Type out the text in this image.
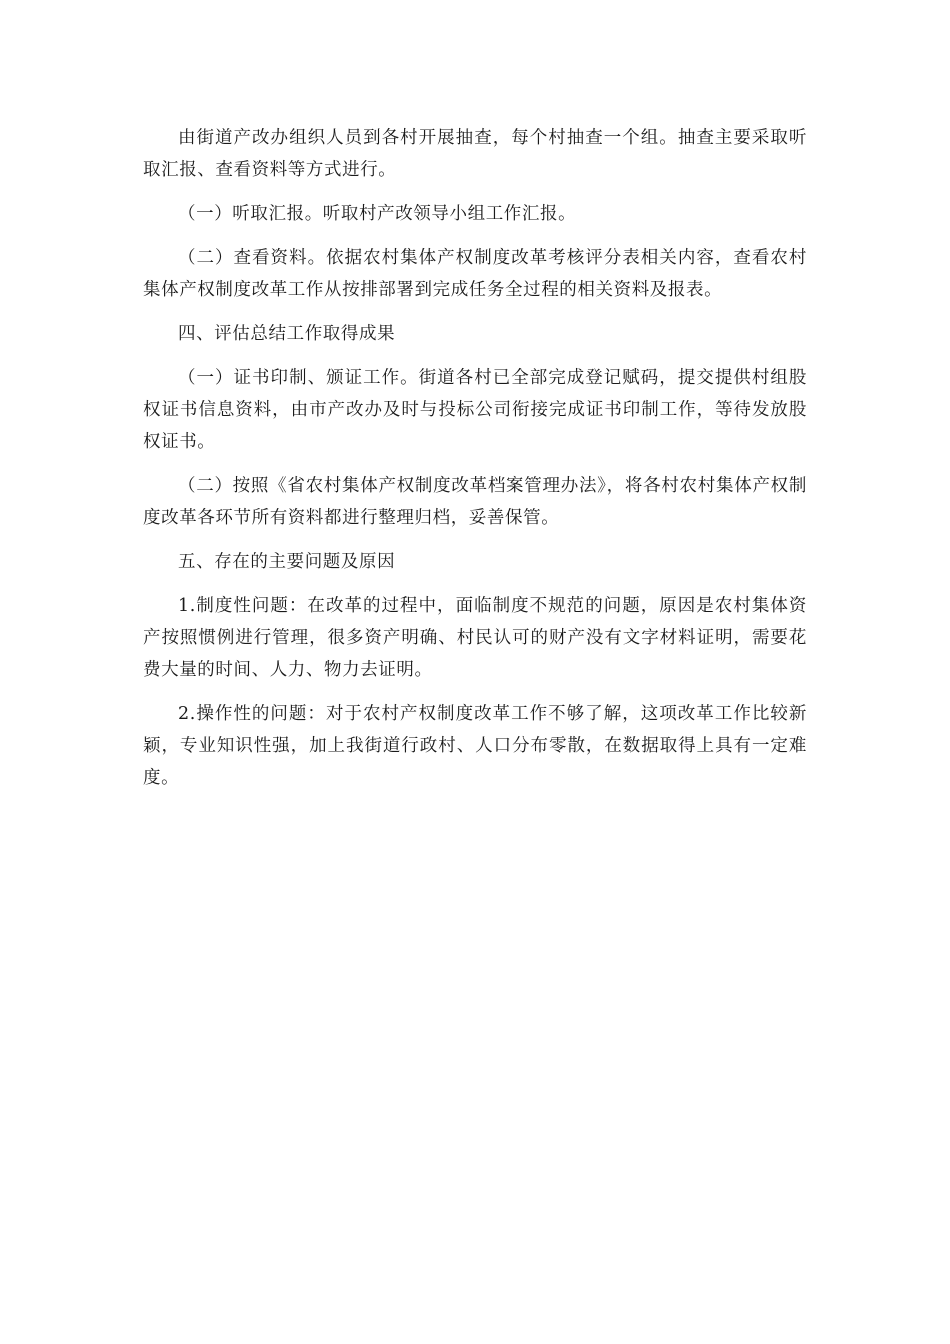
由街道产改办组织人员到各村开展抽查，每个村抽查一个组。抽查主要采取听取汇报、查看资料等方式进行。

（一）听取汇报。听取村产改领导小组工作汇报。

（二）查看资料。依据农村集体产权制度改革考核评分表相关内容，查看农村集体产权制度改革工作从按排部署到完成任务全过程的相关资料及报表。

四、评估总结工作取得成果

（一）证书印制、颁证工作。街道各村已全部完成登记赋码，提交提供村组股权证书信息资料，由市产改办及时与投标公司衔接完成证书印制工作，等待发放股权证书。

（二）按照《省农村集体产权制度改革档案管理办法》，将各村农村集体产权制度改革各环节所有资料都进行整理归档，妥善保管。

五、存在的主要问题及原因

1.制度性问题：在改革的过程中，面临制度不规范的问题，原因是农村集体资产按照惯例进行管理，很多资产明确、村民认可的财产没有文字材料证明，需要花费大量的时间、人力、物力去证明。

2.操作性的问题：对于农村产权制度改革工作不够了解，这项改革工作比较新颖，专业知识性强，加上我街道行政村、人口分布零散，在数据取得上具有一定难度。
